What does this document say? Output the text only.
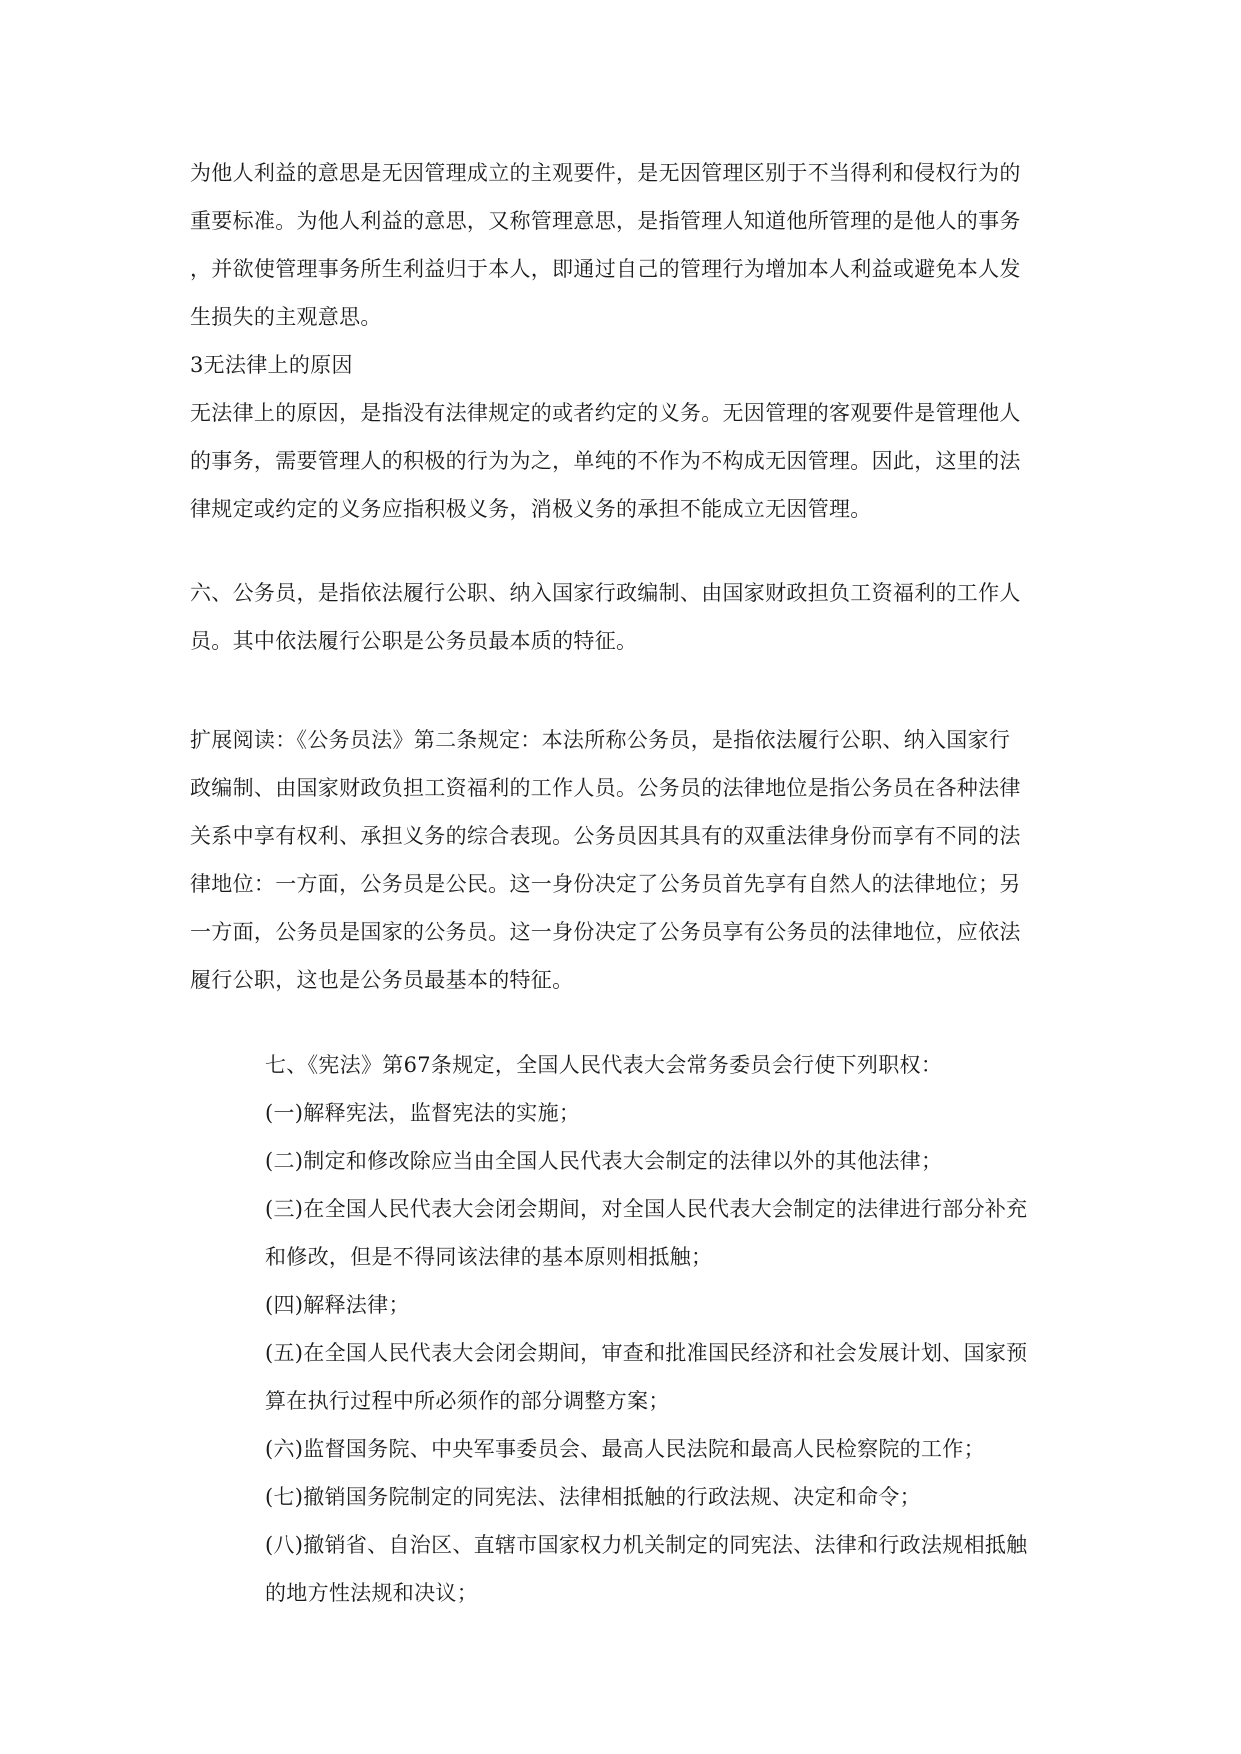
为他人利益的意思是无因管理成立的主观要件，是无因管理区别于不当得利和侵权行为的
重要标准。为他人利益的意思，又称管理意思，是指管理人知道他所管理的是他人的事务
，并欲使管理事务所生利益归于本人，即通过自己的管理行为增加本人利益或避免本人发
生损失的主观意思。
3无法律上的原因
无法律上的原因，是指没有法律规定的或者约定的义务。无因管理的客观要件是管理他人
的事务，需要管理人的积极的行为为之，单纯的不作为不构成无因管理。因此，这里的法
律规定或约定的义务应指积极义务，消极义务的承担不能成立无因管理。
六、公务员，是指依法履行公职、纳入国家行政编制、由国家财政担负工资福利的工作人
员。其中依法履行公职是公务员最本质的特征。
扩展阅读：《公务员法》第二条规定：本法所称公务员，是指依法履行公职、纳入国家行
政编制、由国家财政负担工资福利的工作人员。公务员的法律地位是指公务员在各种法律
关系中享有权利、承担义务的综合表现。公务员因其具有的双重法律身份而享有不同的法
律地位：一方面，公务员是公民。这一身份决定了公务员首先享有自然人的法律地位；另
一方面，公务员是国家的公务员。这一身份决定了公务员享有公务员的法律地位，应依法
履行公职，这也是公务员最基本的特征。
七、《宪法》第67条规定，全国人民代表大会常务委员会行使下列职权：
(一)解释宪法，监督宪法的实施；
(二)制定和修改除应当由全国人民代表大会制定的法律以外的其他法律；
(三)在全国人民代表大会闭会期间，对全国人民代表大会制定的法律进行部分补充
和修改，但是不得同该法律的基本原则相抵触；
(四)解释法律；
(五)在全国人民代表大会闭会期间，审查和批准国民经济和社会发展计划、国家预
算在执行过程中所必须作的部分调整方案；
(六)监督国务院、中央军事委员会、最高人民法院和最高人民检察院的工作；
(七)撤销国务院制定的同宪法、法律相抵触的行政法规、决定和命令；
(八)撤销省、自治区、直辖市国家权力机关制定的同宪法、法律和行政法规相抵触
的地方性法规和决议；
